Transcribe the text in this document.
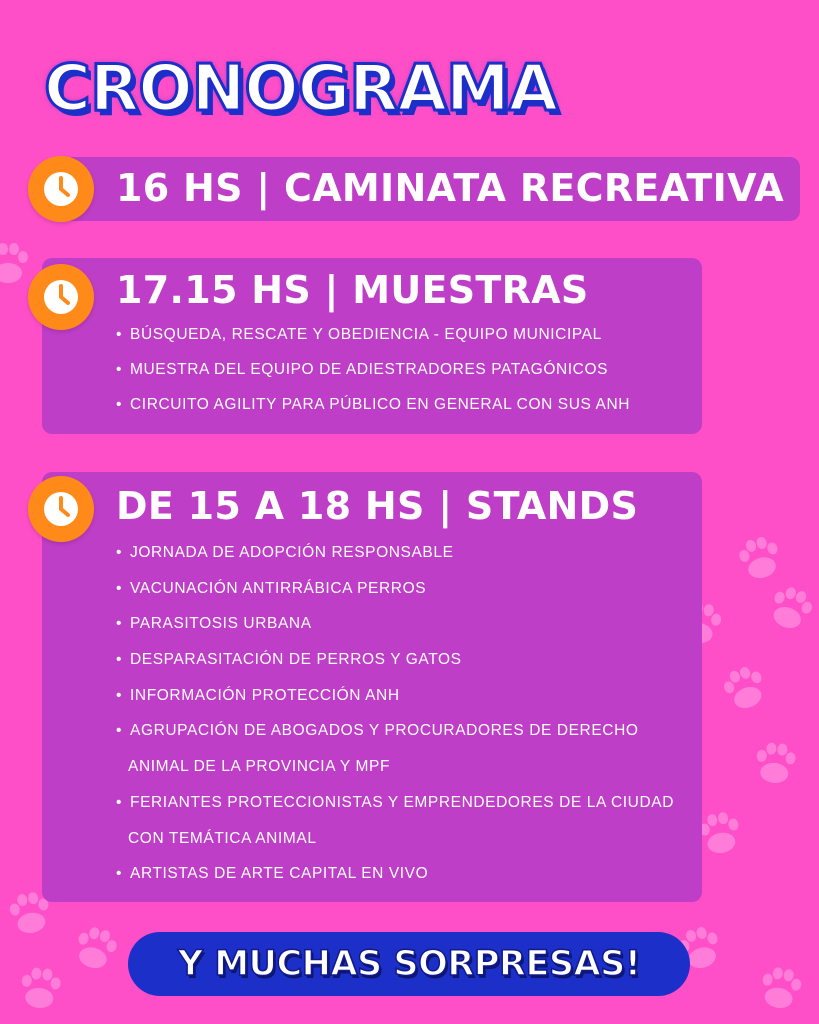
CRONOGRAMA
16 HS | CAMINATA RECREATIVA
17.15 HS | MUESTRAS
• BÚSQUEDA, RESCATE Y OBEDIENCIA - EQUIPO MUNICIPAL
• MUESTRA DEL EQUIPO DE ADIESTRADORES PATAGÓNICOS
• CIRCUITO AGILITY PARA PÚBLICO EN GENERAL CON SUS ANH
DE 15 A 18 HS | STANDS
• JORNADA DE ADOPCIÓN RESPONSABLE
• VACUNACIÓN ANTIRRÁBICA PERROS
• PARASITOSIS URBANA
• DESPARASITACIÓN DE PERROS Y GATOS
• INFORMACIÓN PROTECCIÓN ANH
• AGRUPACIÓN DE ABOGADOS Y PROCURADORES DE DERECHO
ANIMAL DE LA PROVINCIA Y MPF
• FERIANTES PROTECCIONISTAS Y EMPRENDEDORES DE LA CIUDAD
CON TEMÁTICA ANIMAL
• ARTISTAS DE ARTE CAPITAL EN VIVO
Y MUCHAS SORPRESAS!
